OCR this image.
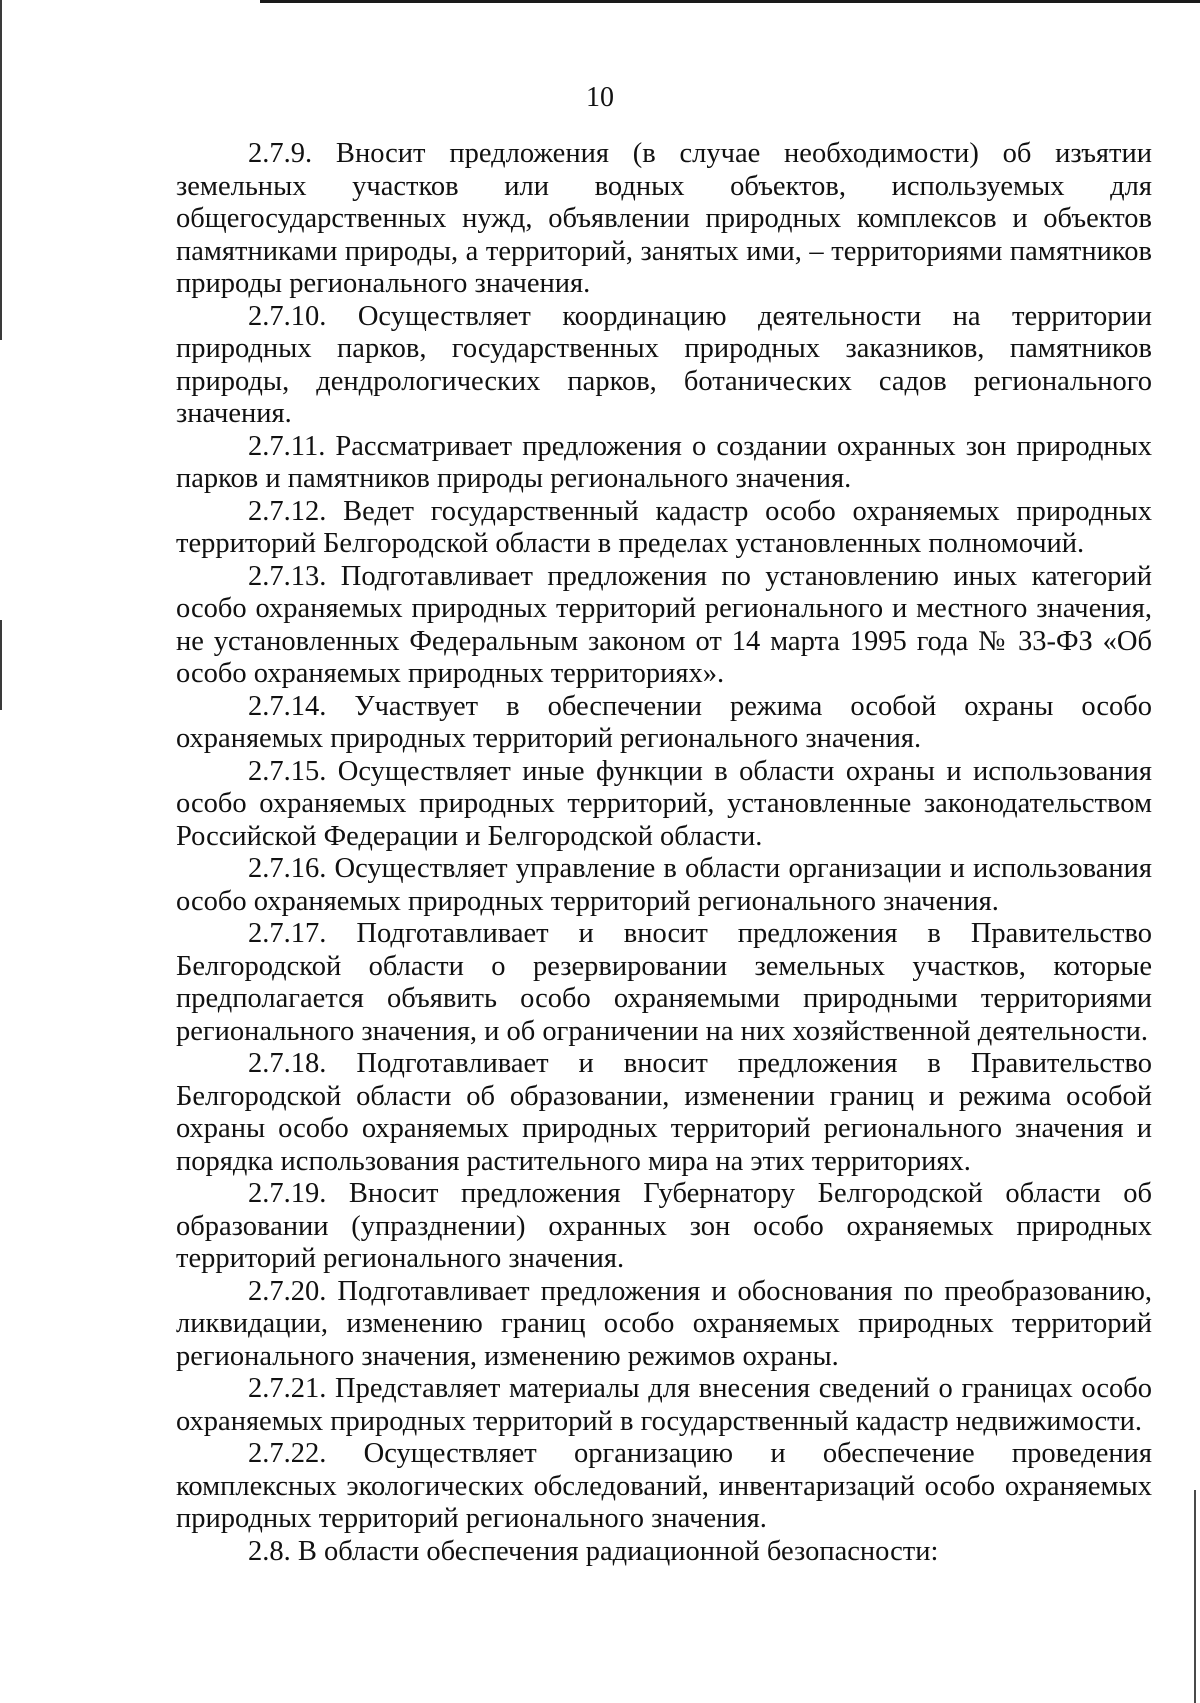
10

2.7.9. Вносит предложения (в случае необходимости) об изъятии земельных участков или водных объектов, используемых для общегосударственных нужд, объявлении природных комплексов и объектов памятниками природы, а территорий, занятых ими, – территориями памятников природы регионального значения.

2.7.10. Осуществляет координацию деятельности на территории природных парков, государственных природных заказников, памятников природы, дендрологических парков, ботанических садов регионального значения.

2.7.11. Рассматривает предложения о создании охранных зон природных парков и памятников природы регионального значения.

2.7.12. Ведет государственный кадастр особо охраняемых природных территорий Белгородской области в пределах установленных полномочий.

2.7.13. Подготавливает предложения по установлению иных категорий особо охраняемых природных территорий регионального и местного значения, не установленных Федеральным законом от 14 марта 1995 года № 33-ФЗ «Об особо охраняемых природных территориях».

2.7.14. Участвует в обеспечении режима особой охраны особо охраняемых природных территорий регионального значения.

2.7.15. Осуществляет иные функции в области охраны и использования особо охраняемых природных территорий, установленные законодательством Российской Федерации и Белгородской области.

2.7.16. Осуществляет управление в области организации и использования особо охраняемых природных территорий регионального значения.

2.7.17. Подготавливает и вносит предложения в Правительство Белгородской области о резервировании земельных участков, которые предполагается объявить особо охраняемыми природными территориями регионального значения, и об ограничении на них хозяйственной деятельности.

2.7.18. Подготавливает и вносит предложения в Правительство Белгородской области об образовании, изменении границ и режима особой охраны особо охраняемых природных территорий регионального значения и порядка использования растительного мира на этих территориях.

2.7.19. Вносит предложения Губернатору Белгородской области об образовании (упразднении) охранных зон особо охраняемых природных территорий регионального значения.

2.7.20. Подготавливает предложения и обоснования по преобразованию, ликвидации, изменению границ особо охраняемых природных территорий регионального значения, изменению режимов охраны.

2.7.21. Представляет материалы для внесения сведений о границах особо охраняемых природных территорий в государственный кадастр недвижимости.

2.7.22. Осуществляет организацию и обеспечение проведения комплексных экологических обследований, инвентаризаций особо охраняемых природных территорий регионального значения.

2.8. В области обеспечения радиационной безопасности:
